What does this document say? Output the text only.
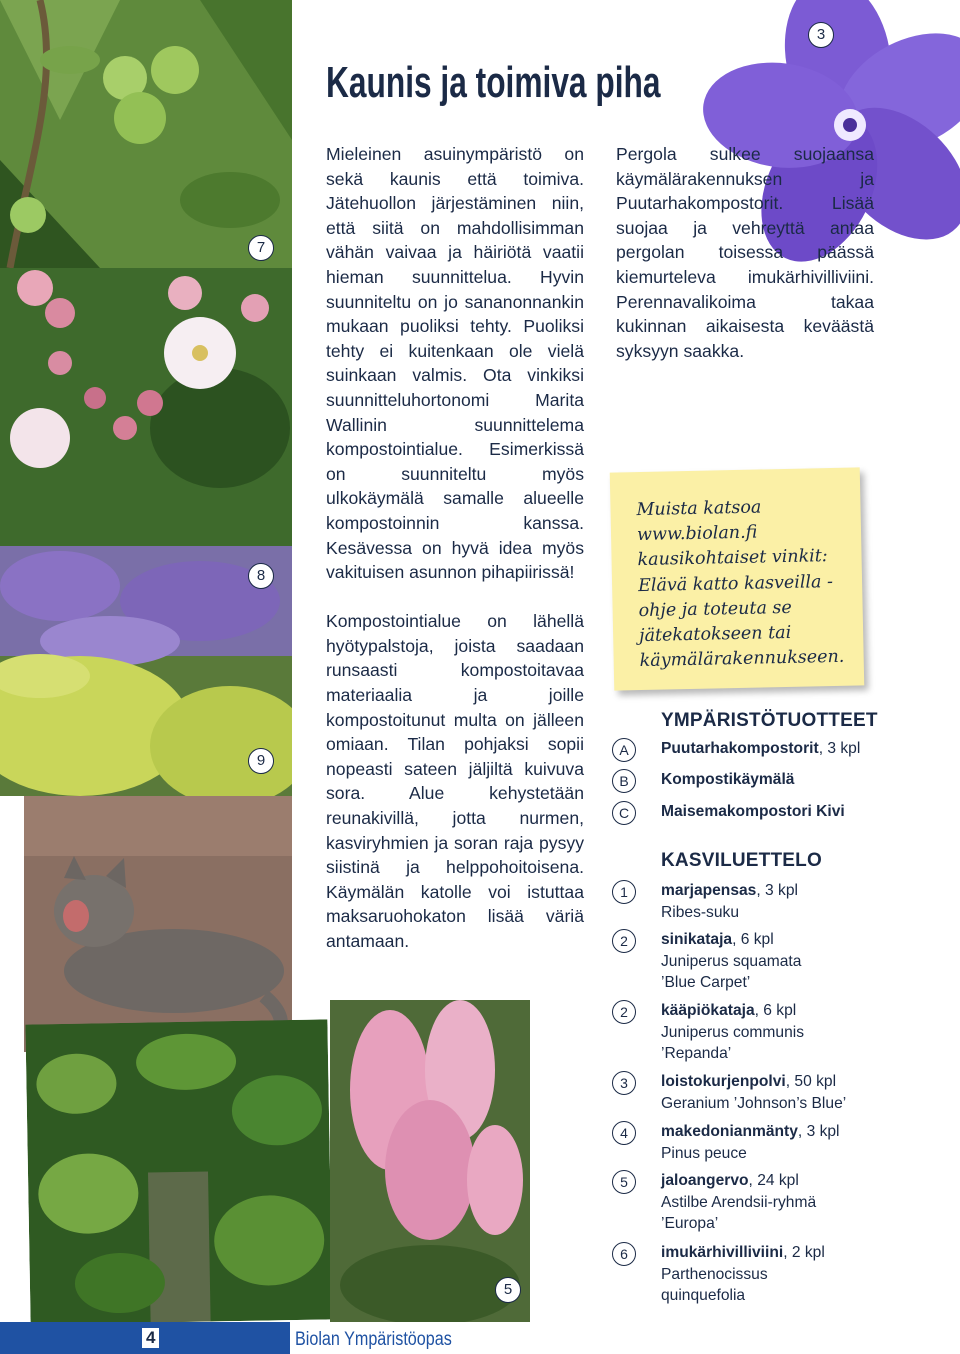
3
7
8
9
5
Kaunis ja toimiva piha

Mieleinen asuinympäristö on sekä kaunis että toimiva. Jätehuollon järjestäminen niin, että siitä on mahdollisimman vähän vaivaa ja häiriötä vaatii hieman suunnittelua. Hyvin suunniteltu on jo sananonnankin mukaan puoliksi tehty. Puoliksi tehty ei kuitenkaan ole vielä suinkaan valmis. Ota vinkiksi suunnitteluhortonomi Marita Wallinin suunnittelema kompostointialue. Esimerkissä on suunniteltu myös ulkokäymälä samalle alueelle kompostoinnin kanssa. Kesävessa on hyvä idea myös vakituisen asunnon pihapiirissä!

Kompostointialue on lähellä hyötypalstoja, joista saadaan runsaasti kompostoitavaa materiaalia ja joille kompostoitunut multa on jälleen omiaan. Tilan pohjaksi sopii nopeasti sateen jäljiltä kuivuva sora. Alue kehystetään reunakivillä, jotta nurmen, kasviryhmien ja soran raja pysyy siistinä ja helppohoitoisena. Käymälän katolle voi istuttaa maksaruohokaton lisää väriä antamaan.

Pergola sulkee suojaansa käymälärakennuksen ja Puutarhakompostorit. Lisää suojaa ja vehreyttä antaa pergolan toisessa päässä kiemurteleva imukärhivilliviini. Perennavalikoima takaa kukinnan aikaisesta keväästä syksyyn saakka.

Muista katsoa www.biolan.fi kausikohtaiset vinkit: Elävä katto kasveilla -ohje ja toteuta se jätekatokseen tai käymälärakennukseen.
YMPÄRISTÖTUOTTEET
A	Puutarhakompostorit, 3 kpl
B	Kompostikäymälä
C	Maisemakompostori Kivi
KASVILUETTELO
1	marjapensas, 3 kpl
Ribes-suku
2	sinikataja, 6 kpl
Juniperus squamata ’Blue Carpet’
2	kääpiökataja, 6 kpl
Juniperus communis ’Repanda’
3	loistokurjenpolvi, 50 kpl
Geranium ’Johnson’s Blue’
4	makedonianmänty, 3 kpl
Pinus peuce
5	jaloangervo, 24 kpl
Astilbe Arendsii-ryhmä ’Europa’
6	imukärhivilliviini, 2 kpl
Parthenocissus quinquefolia
4	Biolan Ympäristöopas
